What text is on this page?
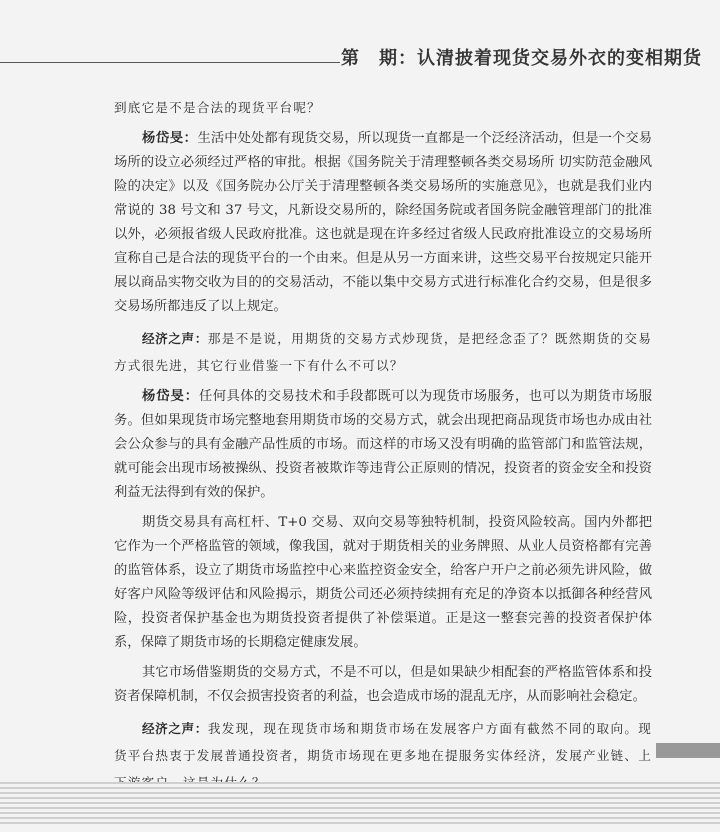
第　期：认清披着现货交易外衣的变相期货

到底它是不是合法的现货平台呢？

杨岱旻：生活中处处都有现货交易，所以现货一直都是一个泛经济活动，但是一个交易场所的设立必须经过严格的审批。根据《国务院关于清理整顿各类交易场所 切实防范金融风险的决定》以及《国务院办公厅关于清理整顿各类交易场所的实施意见》，也就是我们业内常说的 38 号文和 37 号文，凡新设交易所的，除经国务院或者国务院金融管理部门的批准以外，必须报省级人民政府批准。这也就是现在许多经过省级人民政府批准设立的交易场所宣称自己是合法的现货平台的一个由来。但是从另一方面来讲，这些交易平台按规定只能开展以商品实物交收为目的的交易活动，不能以集中交易方式进行标准化合约交易，但是很多交易场所都违反了以上规定。

经济之声：那是不是说，用期货的交易方式炒现货，是把经念歪了？既然期货的交易方式很先进，其它行业借鉴一下有什么不可以？

杨岱旻：任何具体的交易技术和手段都既可以为现货市场服务，也可以为期货市场服务。但如果现货市场完整地套用期货市场的交易方式，就会出现把商品现货市场也办成由社会公众参与的具有金融产品性质的市场。而这样的市场又没有明确的监管部门和监管法规，就可能会出现市场被操纵、投资者被欺诈等违背公正原则的情况，投资者的资金安全和投资利益无法得到有效的保护。

期货交易具有高杠杆、T+0 交易、双向交易等独特机制，投资风险较高。国内外都把它作为一个严格监管的领域，像我国，就对于期货相关的业务牌照、从业人员资格都有完善的监管体系，设立了期货市场监控中心来监控资金安全，给客户开户之前必须先讲风险，做好客户风险等级评估和风险揭示，期货公司还必须持续拥有充足的净资本以抵御各种经营风险，投资者保护基金也为期货投资者提供了补偿渠道。正是这一整套完善的投资者保护体系，保障了期货市场的长期稳定健康发展。

其它市场借鉴期货的交易方式，不是不可以，但是如果缺少相配套的严格监管体系和投资者保障机制，不仅会损害投资者的利益，也会造成市场的混乱无序，从而影响社会稳定。

经济之声：我发现，现在现货市场和期货市场在发展客户方面有截然不同的取向。现货平台热衷于发展普通投资者，期货市场现在更多地在提服务实体经济，发展产业链、上
